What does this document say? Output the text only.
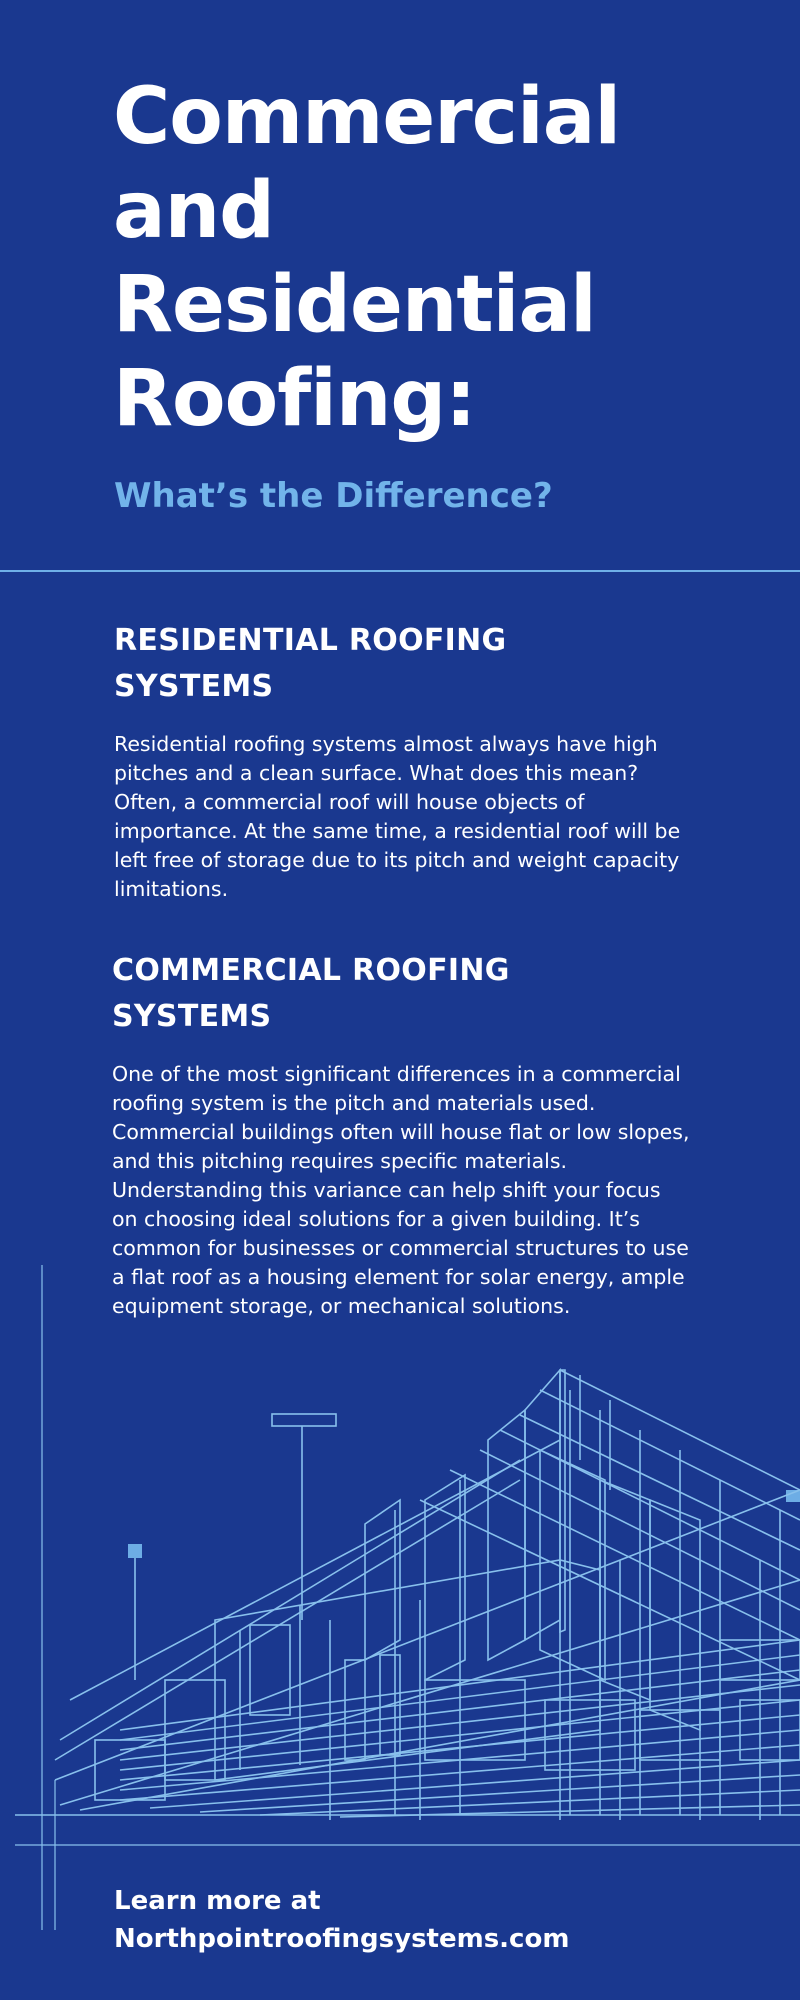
Commercial
and
Residential
Roofing:
What’s the Difference?
RESIDENTIAL ROOFING
SYSTEMS

Residential roofing systems almost always have high pitches and a clean surface. What does this mean? Often, a commercial roof will house objects of importance. At the same time, a residential roof will be left free of storage due to its pitch and weight capacity limitations.

COMMERCIAL ROOFING
SYSTEMS

One of the most significant differences in a commercial roofing system is the pitch and materials used. Commercial buildings often will house flat or low slopes, and this pitching requires specific materials. Understanding this variance can help shift your focus on choosing ideal solutions for a given building. It’s common for businesses or commercial structures to use a flat roof as a housing element for solar energy, ample equipment storage, or mechanical solutions.

Learn more at
Northpointroofingsystems.com
